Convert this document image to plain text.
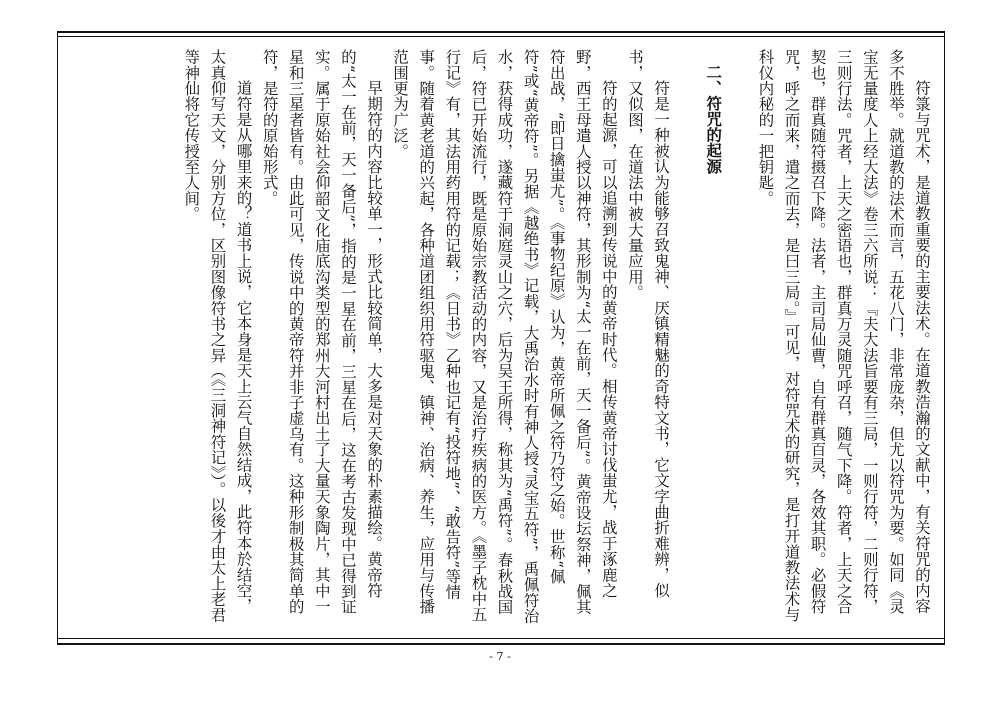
符箓与咒术，是道教重要的主要法术。在道教浩瀚的文献中，有关符咒的内容多不胜举。就道教的法术而言，五花八门，非常庞杂，但尤以符咒为要。如同《灵宝无量度人上经大法》卷三六所说：『夫大法旨要有三局，一则行符，二则行符，三则行法。咒者，上天之密语也，群真万灵随咒呼召，随气下降。符者，上天之合契也，群真随符摄召下降。法者，主司局仙曹，自有群真百灵，各效其职。必假符咒，呼之而来，遣之而去，是曰三局。』可见，对符咒术的研究，是打开道教法术与科仪内秘的一把钥匙。

二、符咒的起源

符是一种被认为能够召致鬼神、厌镇精魅的奇特文书，它文字曲折难辨，似书，又似图，在道法中被大量应用。

符的起源，可以追溯到传说中的黄帝时代。相传黄帝讨伐蚩尤，战于涿鹿之野，西王母遣人授以神符，其形制为“太一在前，天一备后”。黄帝设坛祭神，佩其符出战，“即日擒蚩尤”。《事物纪原》认为，黄帝所佩之符乃符之始。世称“佩符”或“黄帝符”。另据《越绝书》记载，大禹治水时有神人授“灵宝五符”，禹佩符治水，获得成功，遂藏符于洞庭灵山之穴，后为吴王所得，称其为“禹符”。春秋战国后，符已开始流行，既是原始宗教活动的内容，又是治疗疾病的医方。《墨子枕中五行记》有，其法用药用符的记载；《日书》乙种也记有“投符地”、“敢告符”等情事。随着黄老道的兴起，各种道团组织用符驱鬼、镇神、治病、养生，应用与传播范围更为广泛。

早期符的内容比较单一，形式比较简单，大多是对天象的朴素描绘。黄帝符的“太一在前，天一备后”，指的是一星在前，三星在后，这在考古发现中已得到证实。属于原始社会仰韶文化庙底沟类型的郑州大河村出土了大量天象陶片，其中一星和三星者皆有。由此可见，传说中的黄帝符并非子虚乌有。这种形制极其简单的符，是符的原始形式。

道符是从哪里来的？道书上说，它本身是天上云气自然结成，此符本於结空，太真仰写天文，分别方位，区别图像符书之异（《三洞神符记》）。以後才由太上老君等神仙将它传授至人间。

- 7 -
